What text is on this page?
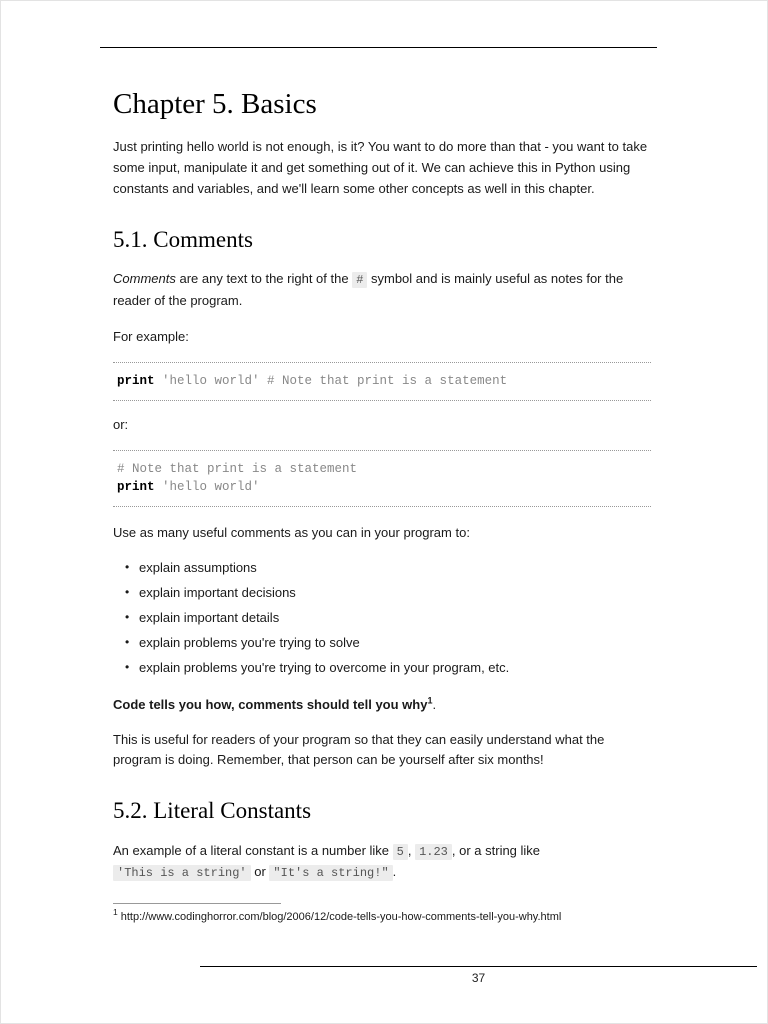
Chapter 5. Basics

Just printing hello world is not enough, is it? You want to do more than that - you want to take some input, manipulate it and get something out of it. We can achieve this in Python using constants and variables, and we'll learn some other concepts as well in this chapter.

5.1. Comments

Comments are any text to the right of the # symbol and is mainly useful as notes for the reader of the program.

For example:

print 'hello world' # Note that print is a statement

or:

# Note that print is a statement
print 'hello world'

Use as many useful comments as you can in your program to:

• explain assumptions
• explain important decisions
• explain important details
• explain problems you're trying to solve
• explain problems you're trying to overcome in your program, etc.

Code tells you how, comments should tell you why$^1$.

This is useful for readers of your program so that they can easily understand what the program is doing. Remember, that person can be yourself after six months!

5.2. Literal Constants

An example of a literal constant is a number like 5 , 1.23 , or a string like 'This is a string' or "It's a string!" .

$^1$ http://www.codinghorror.com/blog/2006/12/code-tells-you-how-comments-tell-you-why.html

37
